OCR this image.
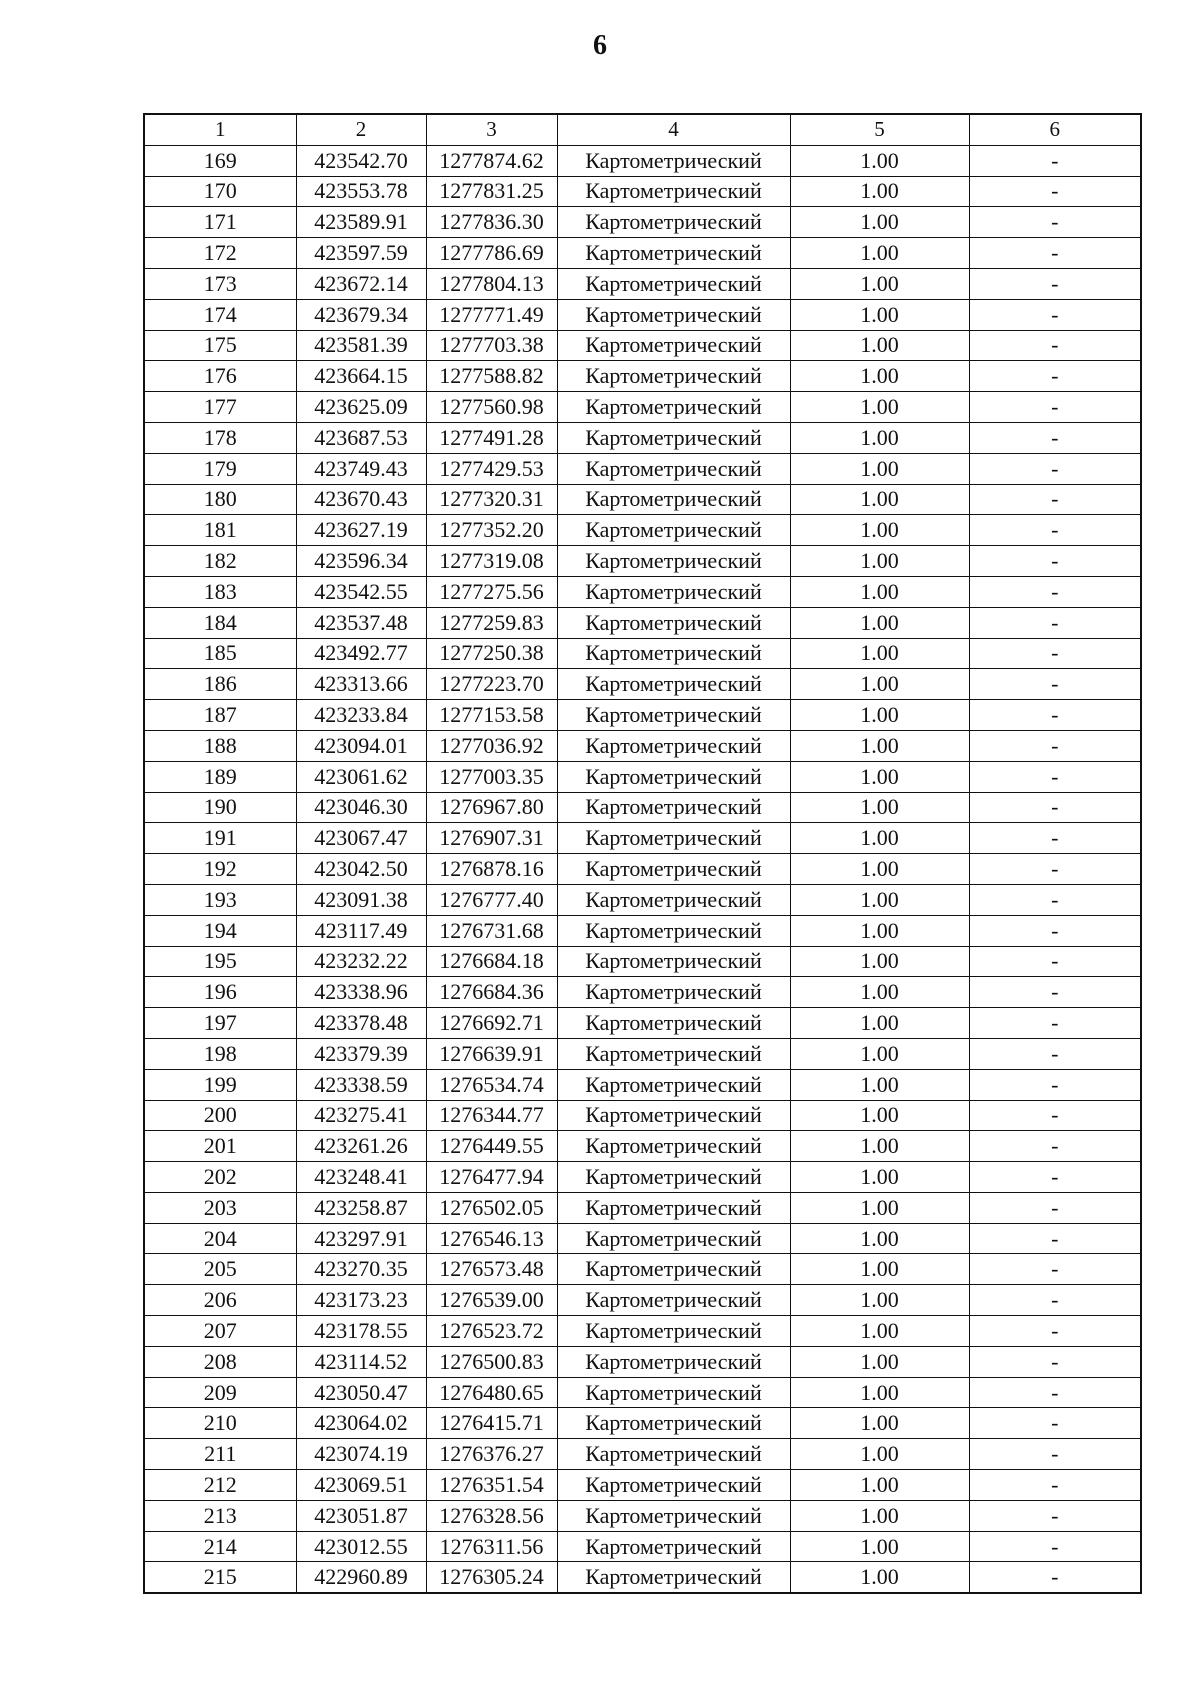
6
1	2	3	4	5	6
169	423542.70	1277874.62	Картометрический	1.00	-
170	423553.78	1277831.25	Картометрический	1.00	-
171	423589.91	1277836.30	Картометрический	1.00	-
172	423597.59	1277786.69	Картометрический	1.00	-
173	423672.14	1277804.13	Картометрический	1.00	-
174	423679.34	1277771.49	Картометрический	1.00	-
175	423581.39	1277703.38	Картометрический	1.00	-
176	423664.15	1277588.82	Картометрический	1.00	-
177	423625.09	1277560.98	Картометрический	1.00	-
178	423687.53	1277491.28	Картометрический	1.00	-
179	423749.43	1277429.53	Картометрический	1.00	-
180	423670.43	1277320.31	Картометрический	1.00	-
181	423627.19	1277352.20	Картометрический	1.00	-
182	423596.34	1277319.08	Картометрический	1.00	-
183	423542.55	1277275.56	Картометрический	1.00	-
184	423537.48	1277259.83	Картометрический	1.00	-
185	423492.77	1277250.38	Картометрический	1.00	-
186	423313.66	1277223.70	Картометрический	1.00	-
187	423233.84	1277153.58	Картометрический	1.00	-
188	423094.01	1277036.92	Картометрический	1.00	-
189	423061.62	1277003.35	Картометрический	1.00	-
190	423046.30	1276967.80	Картометрический	1.00	-
191	423067.47	1276907.31	Картометрический	1.00	-
192	423042.50	1276878.16	Картометрический	1.00	-
193	423091.38	1276777.40	Картометрический	1.00	-
194	423117.49	1276731.68	Картометрический	1.00	-
195	423232.22	1276684.18	Картометрический	1.00	-
196	423338.96	1276684.36	Картометрический	1.00	-
197	423378.48	1276692.71	Картометрический	1.00	-
198	423379.39	1276639.91	Картометрический	1.00	-
199	423338.59	1276534.74	Картометрический	1.00	-
200	423275.41	1276344.77	Картометрический	1.00	-
201	423261.26	1276449.55	Картометрический	1.00	-
202	423248.41	1276477.94	Картометрический	1.00	-
203	423258.87	1276502.05	Картометрический	1.00	-
204	423297.91	1276546.13	Картометрический	1.00	-
205	423270.35	1276573.48	Картометрический	1.00	-
206	423173.23	1276539.00	Картометрический	1.00	-
207	423178.55	1276523.72	Картометрический	1.00	-
208	423114.52	1276500.83	Картометрический	1.00	-
209	423050.47	1276480.65	Картометрический	1.00	-
210	423064.02	1276415.71	Картометрический	1.00	-
211	423074.19	1276376.27	Картометрический	1.00	-
212	423069.51	1276351.54	Картометрический	1.00	-
213	423051.87	1276328.56	Картометрический	1.00	-
214	423012.55	1276311.56	Картометрический	1.00	-
215	422960.89	1276305.24	Картометрический	1.00	-
